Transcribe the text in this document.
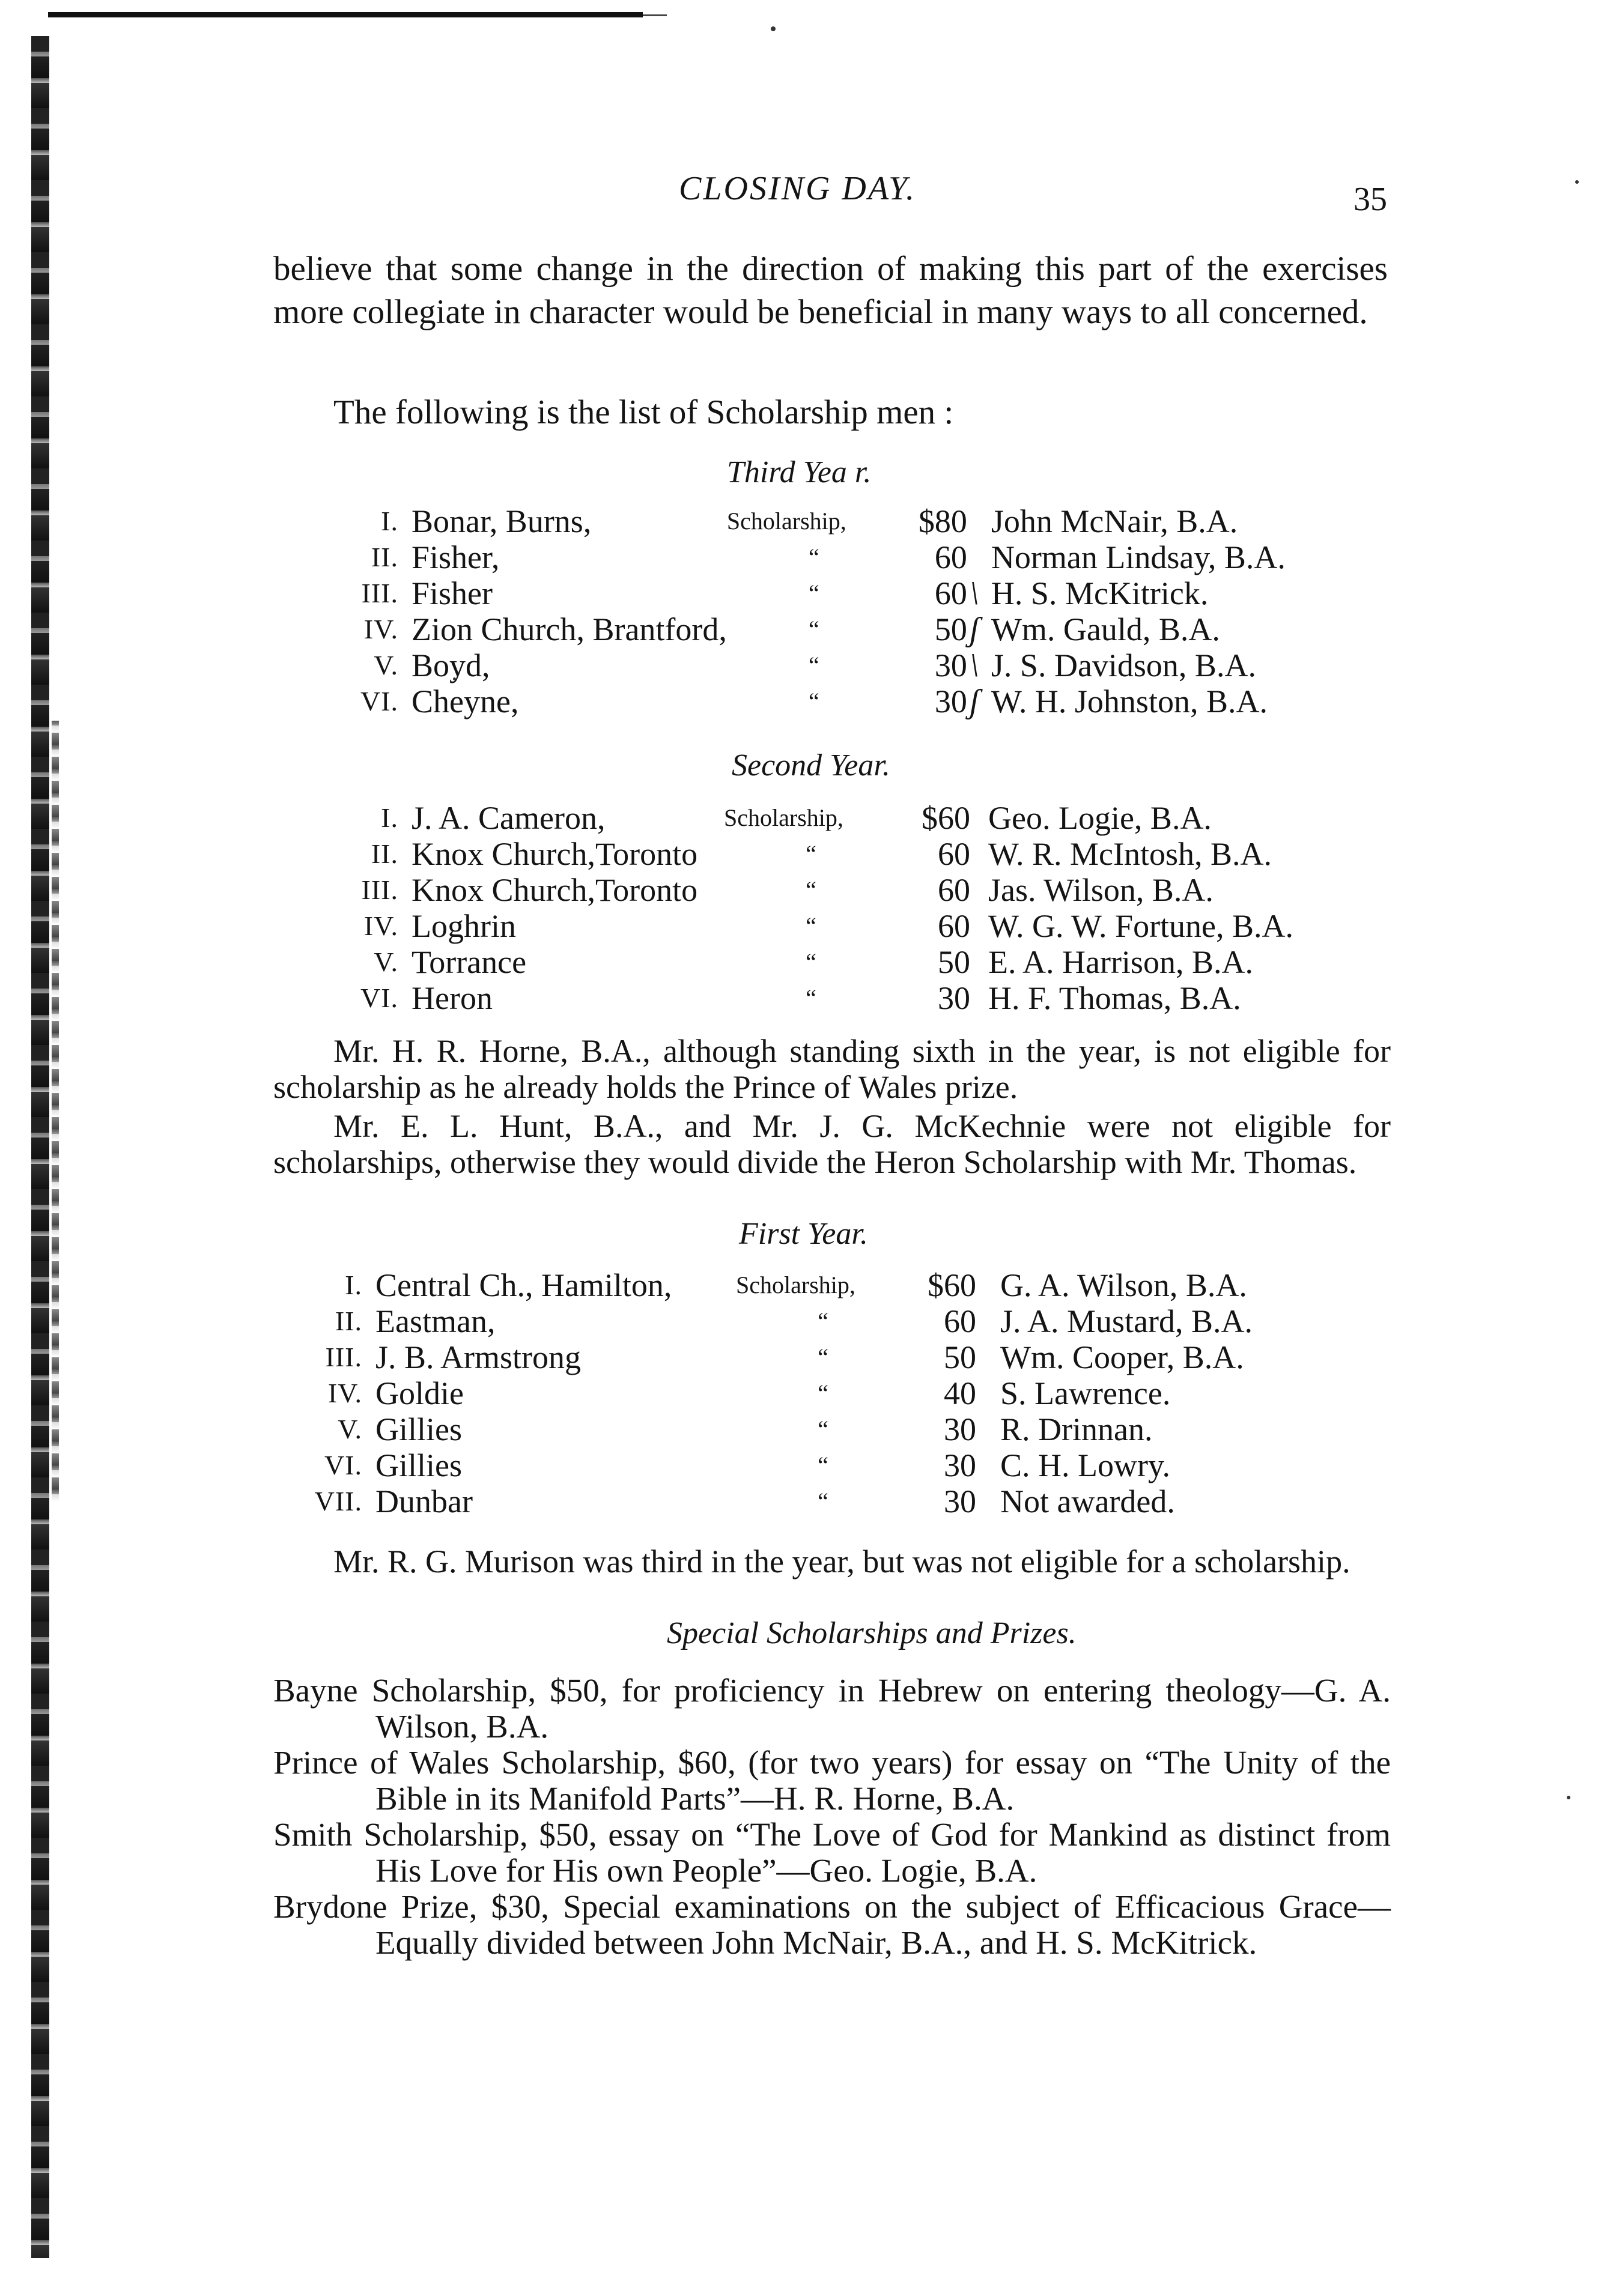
CLOSING DAY.	35
believe that some change in the direction of making this part of the exercises more collegiate in character would be beneficial in many ways to all concerned.
The following is the list of Scholarship men :
Third Yea r.
I.	Bonar, Burns,	Scholarship,	$80		John McNair, B.A.
II.	Fisher,	“	60		Norman Lindsay, B.A.
III.	Fisher	“	60	\	H. S. McKitrick.
IV.	Zion Church, Brantford,	“	50	ʃ	Wm. Gauld, B.A.
V.	Boyd,	“	30	\	J. S. Davidson, B.A.
VI.	Cheyne,	“	30	ʃ	W. H. Johnston, B.A.
Second Year.
I.	J. A. Cameron,	Scholarship,	$60		Geo. Logie, B.A.
II.	Knox Church,Toronto	“	60		W. R. McIntosh, B.A.
III.	Knox Church,Toronto	“	60		Jas. Wilson, B.A.
IV.	Loghrin	“	60		W. G. W. Fortune, B.A.
V.	Torrance	“	50		E. A. Harrison, B.A.
VI.	Heron	“	30		H. F. Thomas, B.A.
Mr. H. R. Horne, B.A., although standing sixth in the year, is not eligible for scholarship as he already holds the Prince of Wales prize.
Mr. E. L. Hunt, B.A., and Mr. J. G. McKechnie were not eligible for scholarships, otherwise they would divide the Heron Scholarship with Mr. Thomas.
First Year.
I.	Central Ch., Hamilton,	Scholarship,	$60		G. A. Wilson, B.A.
II.	Eastman,	“	60		J. A. Mustard, B.A.
III.	J. B. Armstrong	“	50		Wm. Cooper, B.A.
IV.	Goldie	“	40		S. Lawrence.
V.	Gillies	“	30		R. Drinnan.
VI.	Gillies	“	30		C. H. Lowry.
VII.	Dunbar	“	30		Not awarded.
Mr. R. G. Murison was third in the year, but was not eligible for a scholarship.
Special Scholarships and Prizes.
Bayne Scholarship, $50, for proficiency in Hebrew on entering theology—G. A. Wilson, B.A.
Prince of Wales Scholarship, $60, (for two years) for essay on “The Unity of the Bible in its Manifold Parts”—H. R. Horne, B.A.
Smith Scholarship, $50, essay on “The Love of God for Mankind as distinct from His Love for His own People”—Geo. Logie, B.A.
Brydone Prize, $30, Special examinations on the subject of Efficacious Grace—Equally divided between John McNair, B.A., and H. S. McKitrick.
